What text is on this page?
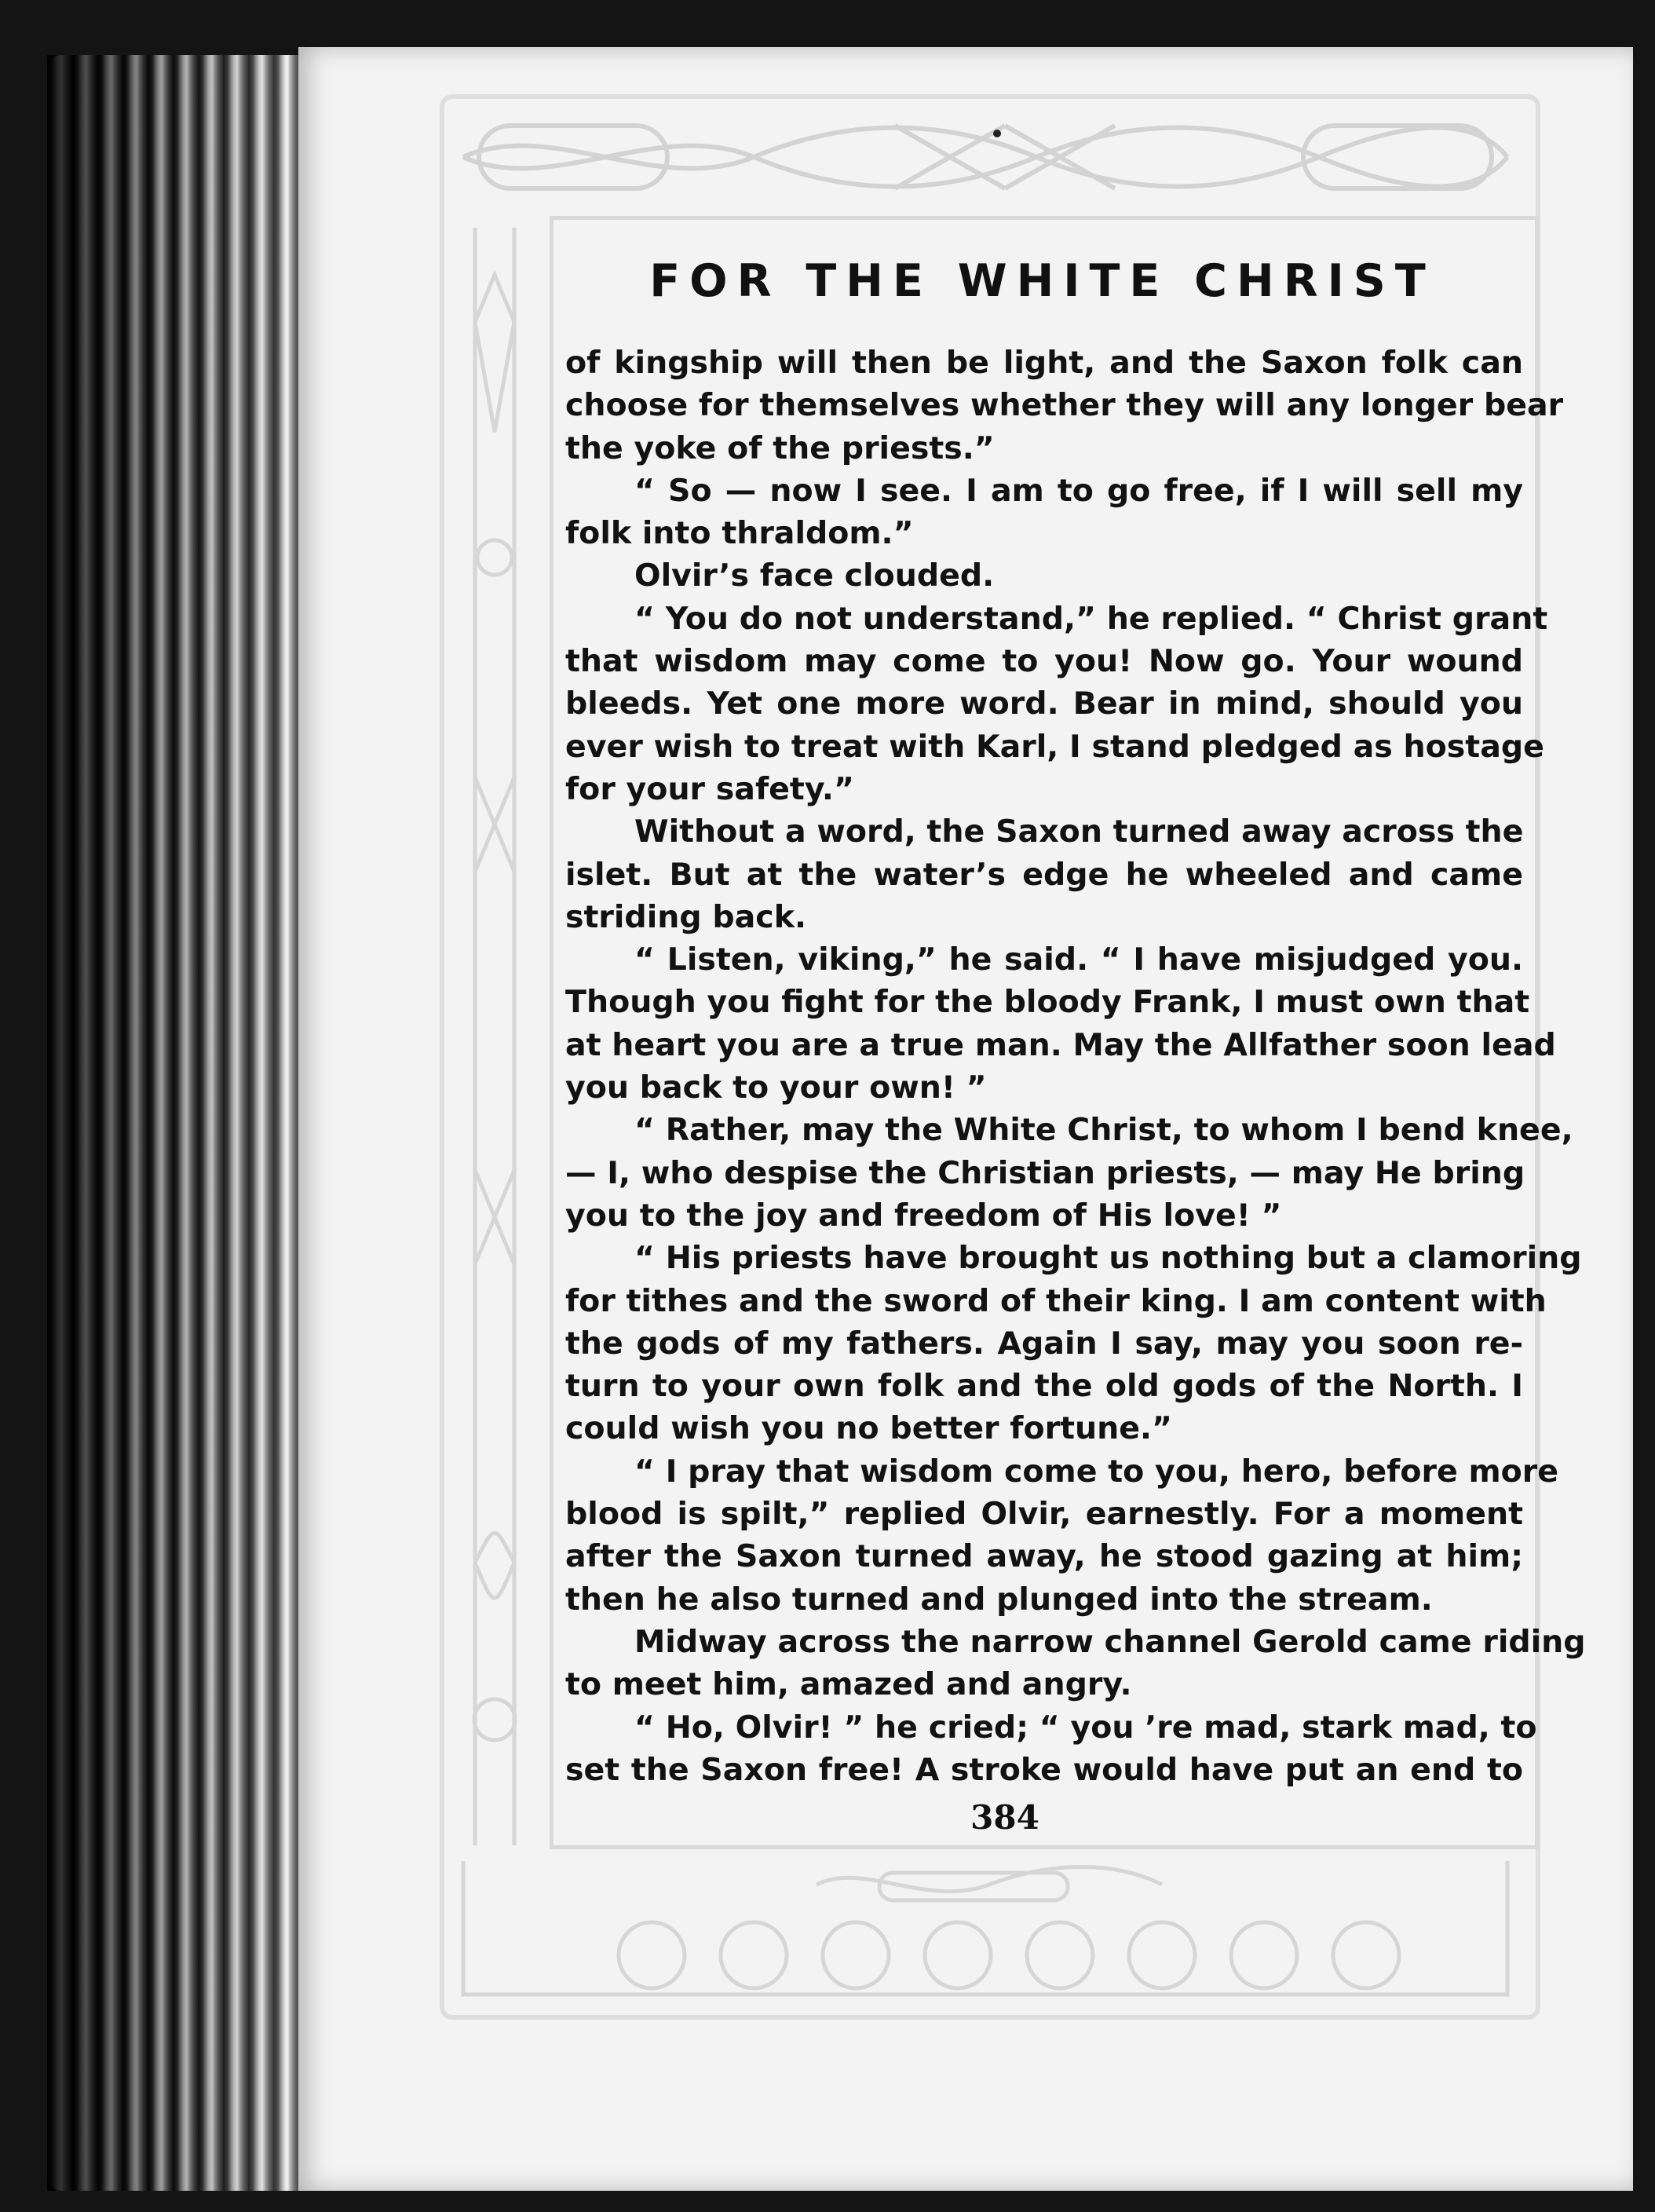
FOR THE WHITE CHRIST
of kingship will then be light, and the Saxon folk can
choose for themselves whether they will any longer bear
the yoke of the priests.”
“ So — now I see. I am to go free, if I will sell my
folk into thraldom.”
Olvir’s face clouded.
“ You do not understand,” he replied. “ Christ grant
that wisdom may come to you! Now go. Your wound
bleeds. Yet one more word. Bear in mind, should you
ever wish to treat with Karl, I stand pledged as hostage
for your safety.”
Without a word, the Saxon turned away across the
islet. But at the water’s edge he wheeled and came
striding back.
“ Listen, viking,” he said. “ I have misjudged you.
Though you fight for the bloody Frank, I must own that
at heart you are a true man. May the Allfather soon lead
you back to your own! ”
“ Rather, may the White Christ, to whom I bend knee,
— I, who despise the Christian priests, — may He bring
you to the joy and freedom of His love! ”
“ His priests have brought us nothing but a clamoring
for tithes and the sword of their king. I am content with
the gods of my fathers. Again I say, may you soon re-
turn to your own folk and the old gods of the North. I
could wish you no better fortune.”
“ I pray that wisdom come to you, hero, before more
blood is spilt,” replied Olvir, earnestly. For a moment
after the Saxon turned away, he stood gazing at him;
then he also turned and plunged into the stream.
Midway across the narrow channel Gerold came riding
to meet him, amazed and angry.
“ Ho, Olvir! ” he cried; “ you ’re mad, stark mad, to
set the Saxon free! A stroke would have put an end to
384
